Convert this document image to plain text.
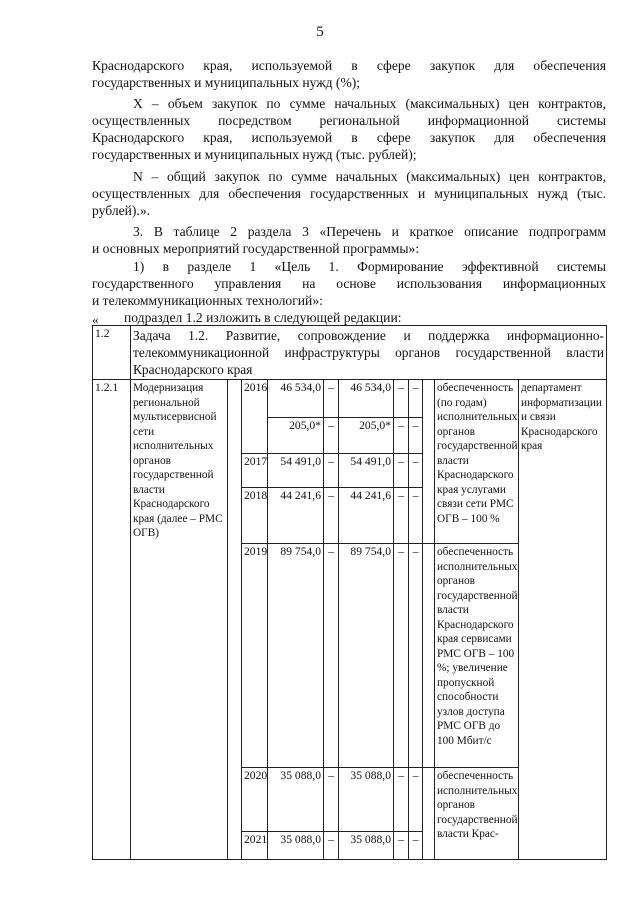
5
Краснодарского края, используемой в сфере закупок для обеспечения
государственных и муниципальных нужд (%);
X – объем закупок по сумме начальных (максимальных) цен контрактов,
осуществленных посредством региональной информационной системы
Краснодарского края, используемой в сфере закупок для обеспечения
государственных и муниципальных нужд (тыс. рублей);
N – общий закупок по сумме начальных (максимальных) цен контрактов,
осуществленных для обеспечения государственных и муниципальных нужд (тыс.
рублей).».
3. В таблице 2 раздела 3 «Перечень и краткое описание подпрограмм
и основных мероприятий государственной программы»:
1) в разделе 1 «Цель 1. Формирование эффективной системы
государственного управления на основе использования информационных
и телекоммуникационных технологий»:
подраздел 1.2 изложить в следующей редакции:
«
1.2	Задача 1.2. Развитие, сопровождение и поддержка информационно-телекоммуникационной инфраструктуры органов государственной власти Краснодарского края										
1.2.1	Модернизация региональной мультисервисной сети исполнительных органов государственной власти Краснодарского края (далее – РМС ОГВ)		2016	46 534,0	–	46 534,0	–	–		обеспеченность (по годам) исполнительных органов государственной власти Краснодарского края услугами связи сети РМС ОГВ – 100 %	департамент информатизации и связи Краснодарского края
				205,0*	–	205,0*	–	–			
			2017	54 491,0	–	54 491,0	–	–			
			2018	44 241,6	–	44 241,6	–	–			
			2019	89 754,0	–	89 754,0	–	–		обеспеченность исполнительных органов государственной власти Краснодарского края сервисами РМС ОГВ – 100 %; увеличение пропускной способности узлов доступа РМС ОГВ до 100 Мбит/с	
			2020	35 088,0	–	35 088,0	–	–		обеспеченность исполнительных органов государственной власти Крас-	
			2021	35 088,0	–	35 088,0	–	–			
